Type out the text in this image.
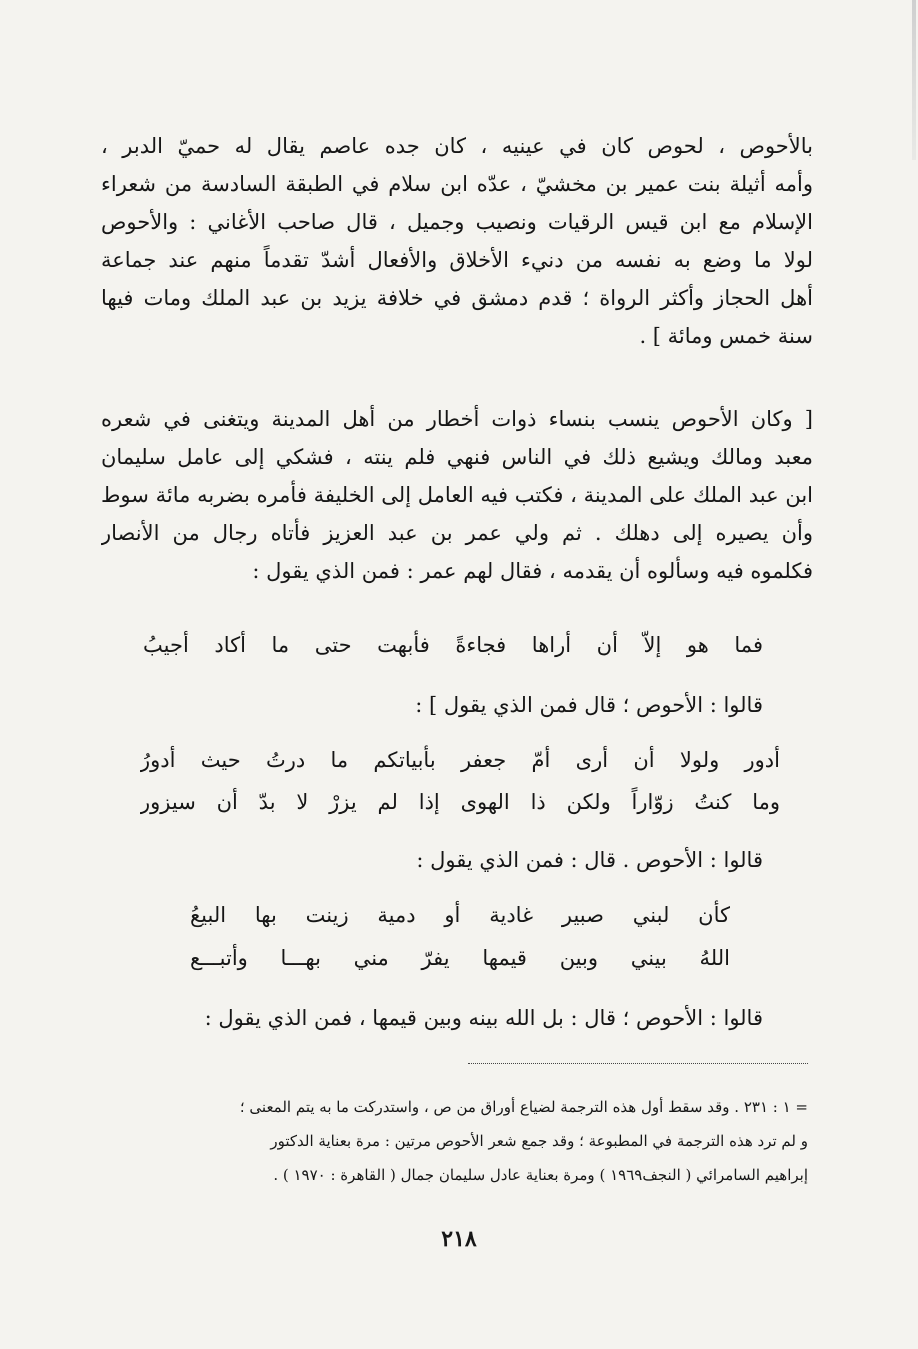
بالأحوص ، لحوص كان في عينيه ، كان جده عاصم يقال له حميّ الدبر ،
وأمه أثيلة بنت عمير بن مخشيّ ، عدّه ابن سلام في الطبقة السادسة من شعراء
الإسلام مع ابن قيس الرقيات ونصيب وجميل ، قال صاحب الأغاني : والأحوص
لولا ما وضع به نفسه من دنيء الأخلاق والأفعال أشدّ تقدماً منهم عند جماعة
أهل الحجاز وأكثر الرواة ؛ قدم دمشق في خلافة يزيد بن عبد الملك ومات فيها
سنة خمس ومائة ] .
[ وكان الأحوص ينسب بنساء ذوات أخطار من أهل المدينة ويتغنى في شعره
معبد ومالك ويشيع ذلك في الناس فنهي فلم ينته ، فشكي إلى عامل سليمان
ابن عبد الملك على المدينة ، فكتب فيه العامل إلى الخليفة فأمره بضربه مائة سوط
وأن يصيره إلى دهلك . ثم ولي عمر بن عبد العزيز فأتاه رجال من الأنصار
فكلموه فيه وسألوه أن يقدمه ، فقال لهم عمر : فمن الذي يقول :
فما هو إلاّ أن أراها فجاءةً فأبهت حتى ما أكاد أجيبُ
قالوا : الأحوص ؛ قال فمن الذي يقول ] :
أدور ولولا أن أرى أمّ جعفر بأبياتكم ما درتُ حيث أدورُ
وما كنتُ زوّاراً ولكن ذا الهوى إذا لم يزرْ لا بدّ أن سيزور
قالوا : الأحوص . قال : فمن الذي يقول :
كأن لبني صبير غادية أو دمية زينت بها البيعُ
اللهُ بيني وبين قيمها يفرّ مني بهـــا وأتبـــع
قالوا : الأحوص ؛ قال : بل الله بينه وبين قيمها ، فمن الذي يقول :
= ١ : ٢٣١ . وقد سقط أول هذه الترجمة لضياع أوراق من ص ، واستدركت ما به يتم المعنى ؛
و لم ترد هذه الترجمة في المطبوعة ؛ وقد جمع شعر الأحوص مرتين : مرة بعناية الدكتور
إبراهيم السامرائي ( النجف١٩٦٩ ) ومرة بعناية عادل سليمان جمال ( القاهرة : ١٩٧٠ ) .
٢١٨
